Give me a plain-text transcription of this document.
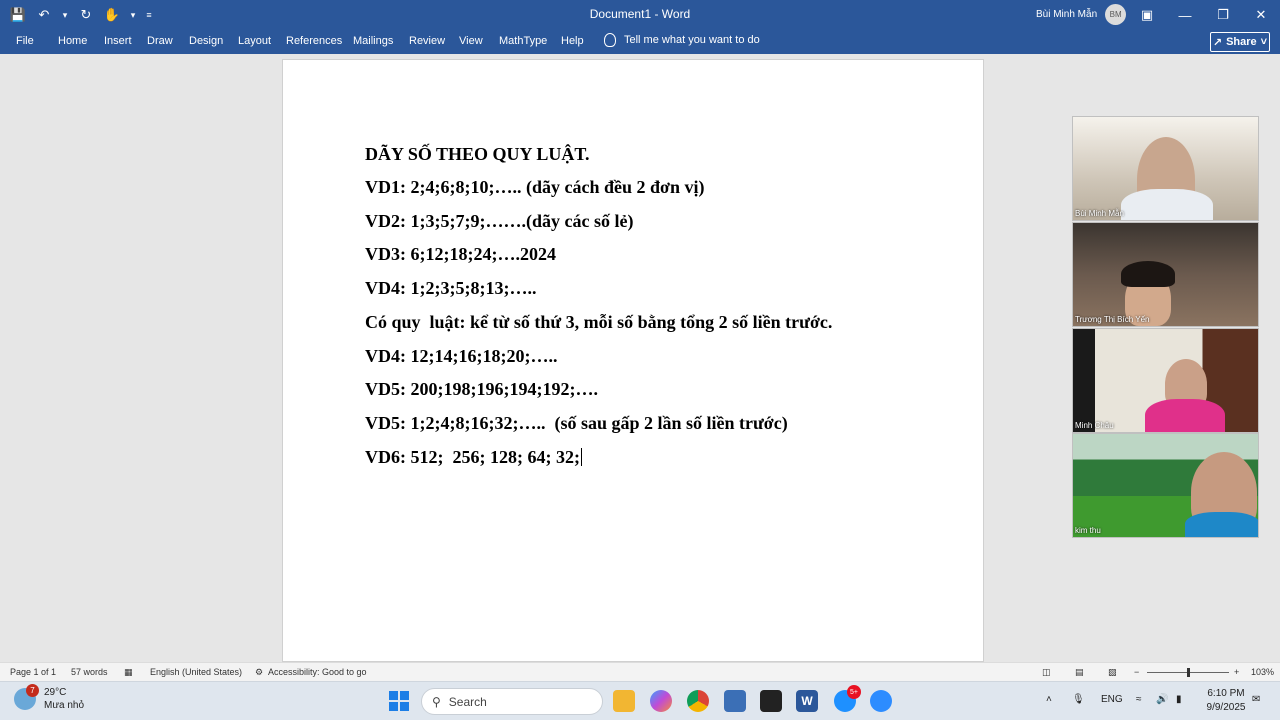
💾 ↶	▾	↻ ✋	▾	≡	Document1 - Word	Bùi Minh Mẫn	BM	▣	—	❐	✕
File Home Insert Draw Design Layout References Mailings Review View MathType Help	Tell me what you want to do	↗ Share ˅
DÃY SỐ THEO QUY LUẬT.
VD1: 2;4;6;8;10;….. (dãy cách đều 2 đơn vị)
VD2: 1;3;5;7;9;…….(dãy các số lẻ)
VD3: 6;12;18;24;….2024
VD4: 1;2;3;5;8;13;…..
Có quy  luật: kể từ số thứ 3, mỗi số bằng tổng 2 số liền trước.
VD4: 12;14;16;18;20;…..
VD5: 200;198;196;194;192;….
VD5: 1;2;4;8;16;32;…..  (số sau gấp 2 lần số liền trước)
VD6: 512;  256; 128; 64; 32;
Bùi Minh Mẫn
Trương Thị Bích Yến
Minh Châu
kim thu
Page 1 of 1 57 words ▦ English (United States) ⚙ Accessibility: Good to go	◫	▤	▧ −	+ 103%
7 29°C
Mưa nhỏ	⚲ Search	W
5+
˄ 🎙 ENG ≈ 🔊 ▮
6:10 PM
9/9/2025
✉
